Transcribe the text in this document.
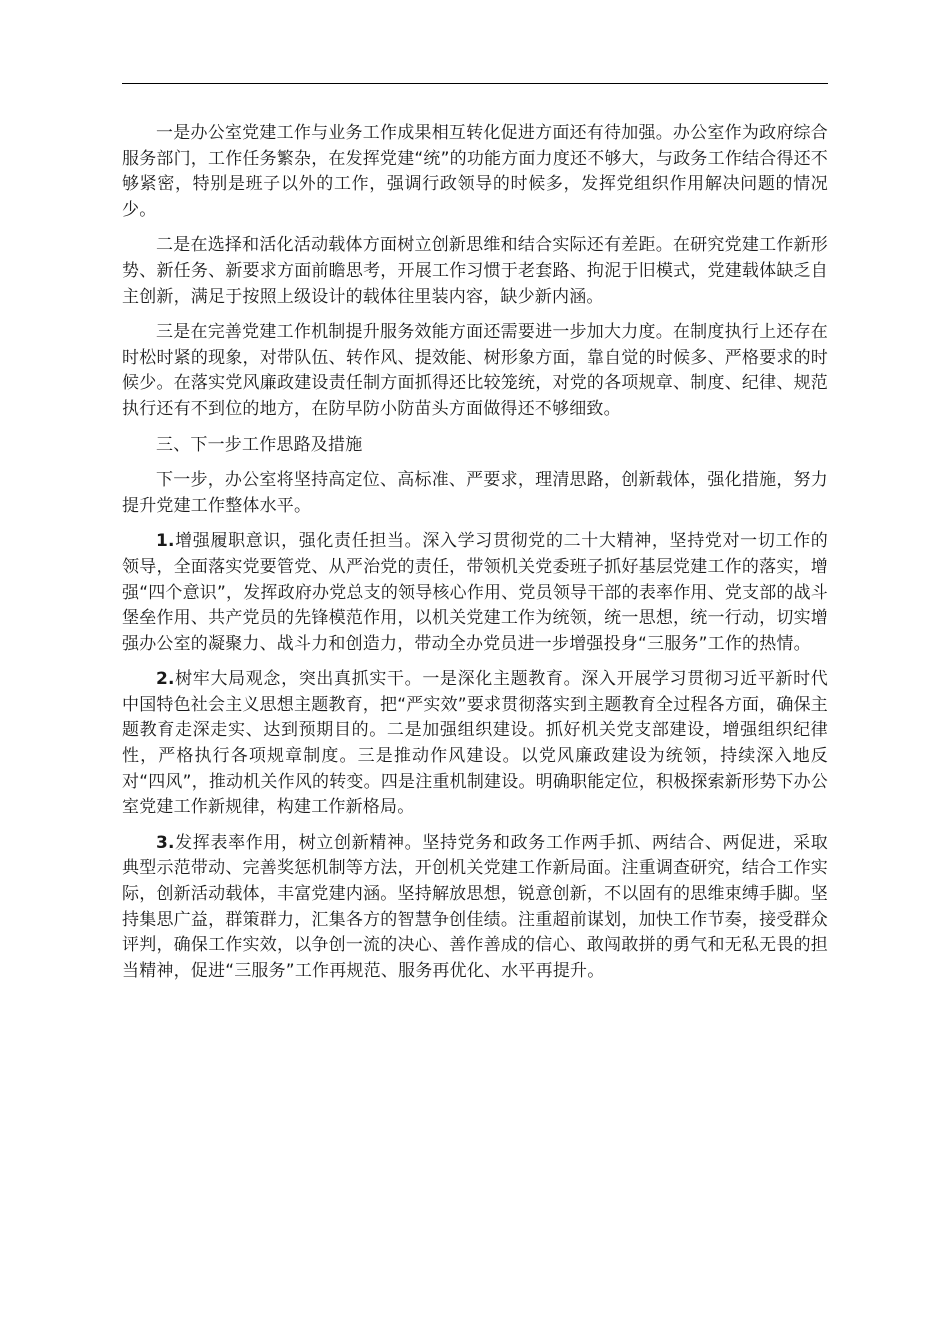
一是办公室党建工作与业务工作成果相互转化促进方面还有待加强。办公室作为政府综合服务部门，工作任务繁杂，在发挥党建“统”的功能方面力度还不够大，与政务工作结合得还不够紧密，特别是班子以外的工作，强调行政领导的时候多，发挥党组织作用解决问题的情况少。

二是在选择和活化活动载体方面树立创新思维和结合实际还有差距。在研究党建工作新形势、新任务、新要求方面前瞻思考，开展工作习惯于老套路、拘泥于旧模式，党建载体缺乏自主创新，满足于按照上级设计的载体往里装内容，缺少新内涵。

三是在完善党建工作机制提升服务效能方面还需要进一步加大力度。在制度执行上还存在时松时紧的现象，对带队伍、转作风、提效能、树形象方面，靠自觉的时候多、严格要求的时候少。在落实党风廉政建设责任制方面抓得还比较笼统，对党的各项规章、制度、纪律、规范执行还有不到位的地方，在防早防小防苗头方面做得还不够细致。

三、下一步工作思路及措施

下一步，办公室将坚持高定位、高标准、严要求，理清思路，创新载体，强化措施，努力提升党建工作整体水平。

1.增强履职意识，强化责任担当。深入学习贯彻党的二十大精神，坚持党对一切工作的领导，全面落实党要管党、从严治党的责任，带领机关党委班子抓好基层党建工作的落实，增强“四个意识”，发挥政府办党总支的领导核心作用、党员领导干部的表率作用、党支部的战斗堡垒作用、共产党员的先锋模范作用，以机关党建工作为统领，统一思想，统一行动，切实增强办公室的凝聚力、战斗力和创造力，带动全办党员进一步增强投身“三服务”工作的热情。

2.树牢大局观念，突出真抓实干。一是深化主题教育。深入开展学习贯彻习近平新时代中国特色社会主义思想主题教育，把“严实效”要求贯彻落实到主题教育全过程各方面，确保主题教育走深走实、达到预期目的。二是加强组织建设。抓好机关党支部建设，增强组织纪律性，严格执行各项规章制度。三是推动作风建设。以党风廉政建设为统领，持续深入地反对“四风”，推动机关作风的转变。四是注重机制建设。明确职能定位，积极探索新形势下办公室党建工作新规律，构建工作新格局。

3.发挥表率作用，树立创新精神。坚持党务和政务工作两手抓、两结合、两促进，采取典型示范带动、完善奖惩机制等方法，开创机关党建工作新局面。注重调查研究，结合工作实际，创新活动载体，丰富党建内涵。坚持解放思想，锐意创新，不以固有的思维束缚手脚。坚持集思广益，群策群力，汇集各方的智慧争创佳绩。注重超前谋划，加快工作节奏，接受群众评判，确保工作实效，以争创一流的决心、善作善成的信心、敢闯敢拼的勇气和无私无畏的担当精神，促进“三服务”工作再规范、服务再优化、水平再提升。
